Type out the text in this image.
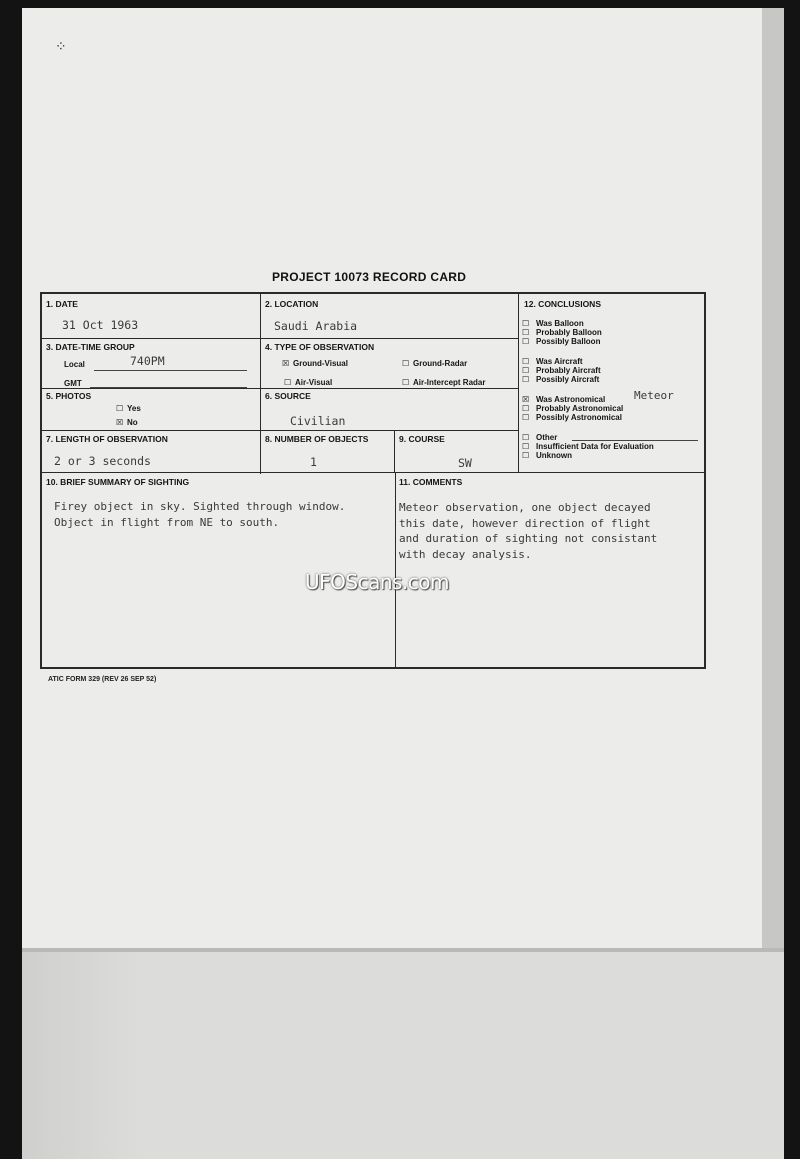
⁘
PROJECT 10073 RECORD CARD
1. DATE
31 Oct 1963
2. LOCATION
Saudi Arabia
3. DATE-TIME GROUP
Local	740PM
GMT
4. TYPE OF OBSERVATION
☒ Ground-Visual	☐ Ground-Radar
☐ Air-Visual	☐ Air-Intercept Radar
5. PHOTOS
☐ Yes
☒ No
6. SOURCE
Civilian
7. LENGTH OF OBSERVATION
2 or 3 seconds
8. NUMBER OF OBJECTS
1
9. COURSE
SW
12. CONCLUSIONS
☐ Was Balloon
☐ Probably Balloon
☐ Possibly Balloon
☐ Was Aircraft
☐ Probably Aircraft
☐ Possibly Aircraft
☒ Was Astronomical
☐ Probably Astronomical
☐ Possibly Astronomical
Meteor
☐ Other
☐ Insufficient Data for Evaluation
☐ Unknown
10. BRIEF SUMMARY OF SIGHTING
Firey object in sky. Sighted through window.
Object in flight from NE to south.
11. COMMENTS
Meteor observation, one object decayed
this date, however direction of flight
and duration of sighting not consistant
with decay analysis.
ATIC FORM 329 (REV 26 SEP 52)
UFOScans.com
